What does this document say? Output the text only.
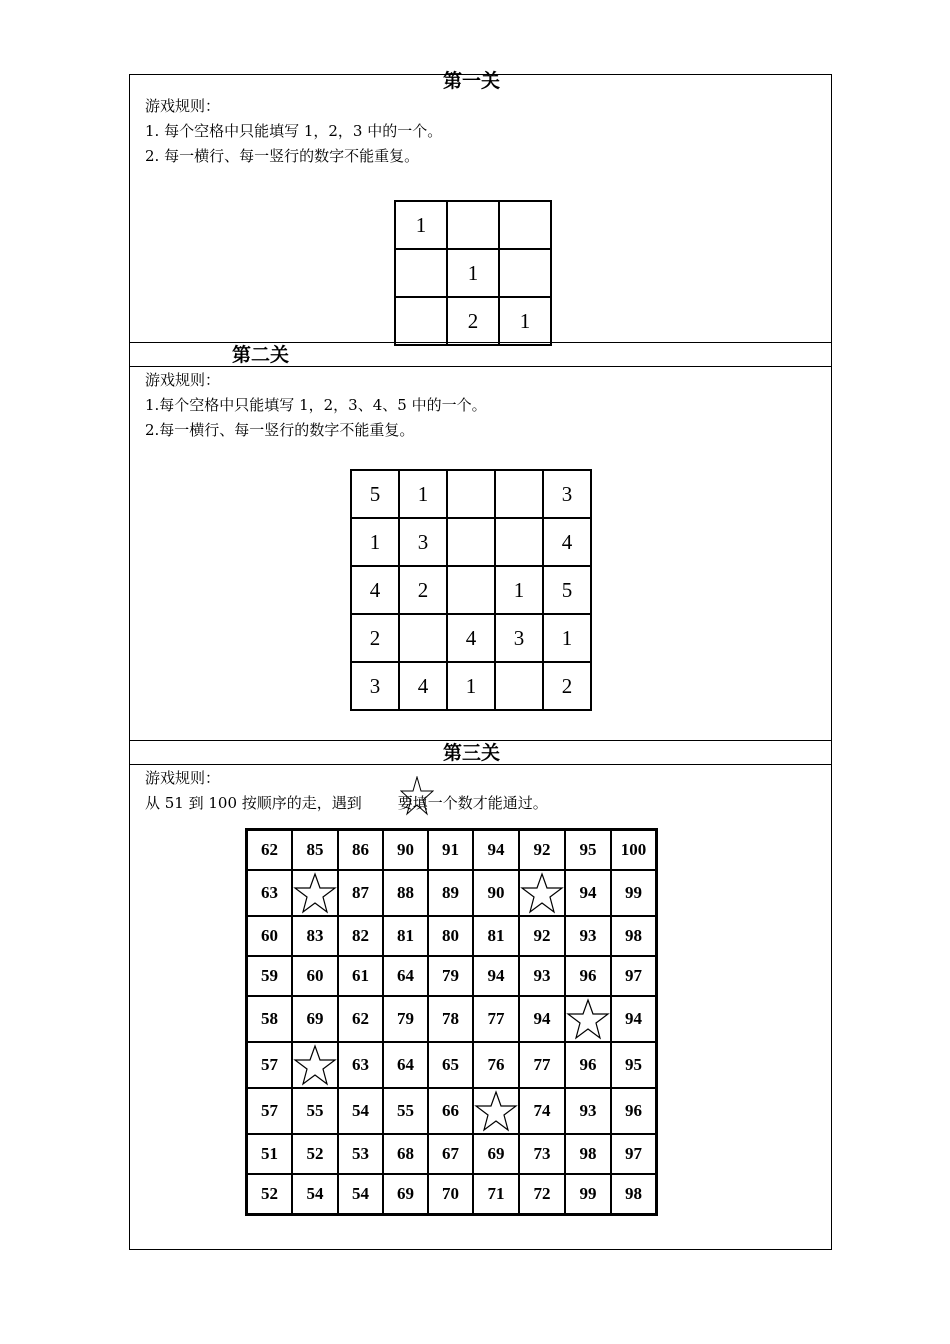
第一关
游戏规则：
1. 每个空格中只能填写 1，2，3 中的一个。
2. 每一横行、每一竖行的数字不能重复。
1		
	1	
	2	1
第二关
游戏规则：
1.每个空格中只能填写 1，2，3、4、5 中的一个。
2.每一横行、每一竖行的数字不能重复。
5	1			3
1	3			4
4	2		1	5
2		4	3	1
3	4	1		2
第三关
游戏规则：
从 51 到 100 按顺序的走，遇到 要填一个数才能通过。
62	85	86	90	91	94	92	95	100
63		87	88	89	90		94	99
60	83	82	81	80	81	92	93	98
59	60	61	64	79	94	93	96	97
58	69	62	79	78	77	94		94
57		63	64	65	76	77	96	95
57	55	54	55	66		74	93	96
51	52	53	68	67	69	73	98	97
52	54	54	69	70	71	72	99	98
